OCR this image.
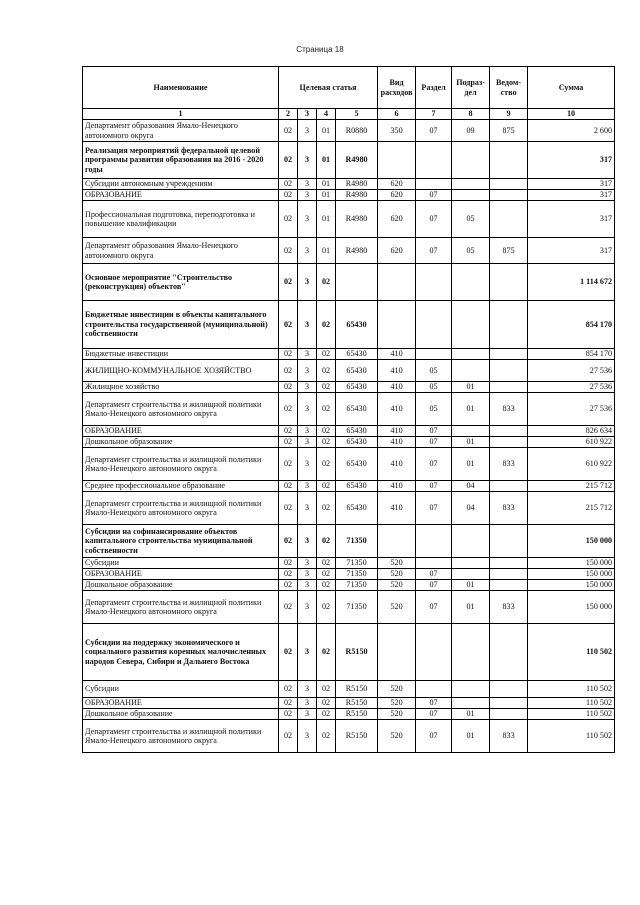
Страница 18
Наименование	Целевая статья				Вид расходов	Раздел	Подраз-дел	Ведом-ство	Сумма
1	2	3	4	5	6	7	8	9	10
Департамент образования Ямало-Ненецкого автономного округа	02	3	01	R0880	350	07	09	875	2 600
Реализация мероприятий федеральной целевой программы развития образования на 2016 - 2020 годы	02	3	01	R4980					317
Субсидии автономным учреждениям	02	3	01	R4980	620				317
ОБРАЗОВАНИЕ	02	3	01	R4980	620	07			317
Профессиональная подготовка, переподготовка и повышение квалификации	02	3	01	R4980	620	07	05		317
Департамент образования Ямало-Ненецкого автономного округа	02	3	01	R4980	620	07	05	875	317
Основное мероприятие "Строительство (реконструкция) объектов"	02	3	02						1 114 672
Бюджетные инвестиции в объекты капитального строительства государственной (муниципальной) собственности	02	3	02	65430					854 170
Бюджетные инвестиции	02	3	02	65430	410				854 170
ЖИЛИЩНО-КОММУНАЛЬНОЕ ХОЗЯЙСТВО	02	3	02	65430	410	05			27 536
Жилищное хозяйство	02	3	02	65430	410	05	01		27 536
Департамент строительства и жилищной политики Ямало-Ненецкого автономного округа	02	3	02	65430	410	05	01	833	27 536
ОБРАЗОВАНИЕ	02	3	02	65430	410	07			826 634
Дошкольное образование	02	3	02	65430	410	07	01		610 922
Департамент строительства и жилищной политики Ямало-Ненецкого автономного округа	02	3	02	65430	410	07	01	833	610 922
Среднее профессиональное образование	02	3	02	65430	410	07	04		215 712
Департамент строительства и жилищной политики Ямало-Ненецкого автономного округа	02	3	02	65430	410	07	04	833	215 712
Субсидии на софинансирование объектов капитального строительства муниципальной собственности	02	3	02	71350					150 000
Субсидии	02	3	02	71350	520				150 000
ОБРАЗОВАНИЕ	02	3	02	71350	520	07			150 000
Дошкольное образование	02	3	02	71350	520	07	01		150 000
Департамент строительства и жилищной политики Ямало-Ненецкого автономного округа	02	3	02	71350	520	07	01	833	150 000
Субсидии на поддержку экономического и социального развития коренных малочисленных народов Севера, Сибири и Дальнего Востока	02	3	02	R5150					110 502
Субсидии	02	3	02	R5150	520				110 502
ОБРАЗОВАНИЕ	02	3	02	R5150	520	07			110 502
Дошкольное образование	02	3	02	R5150	520	07	01		110 502
Департамент строительства и жилищной политики Ямало-Ненецкого автономного округа	02	3	02	R5150	520	07	01	833	110 502
